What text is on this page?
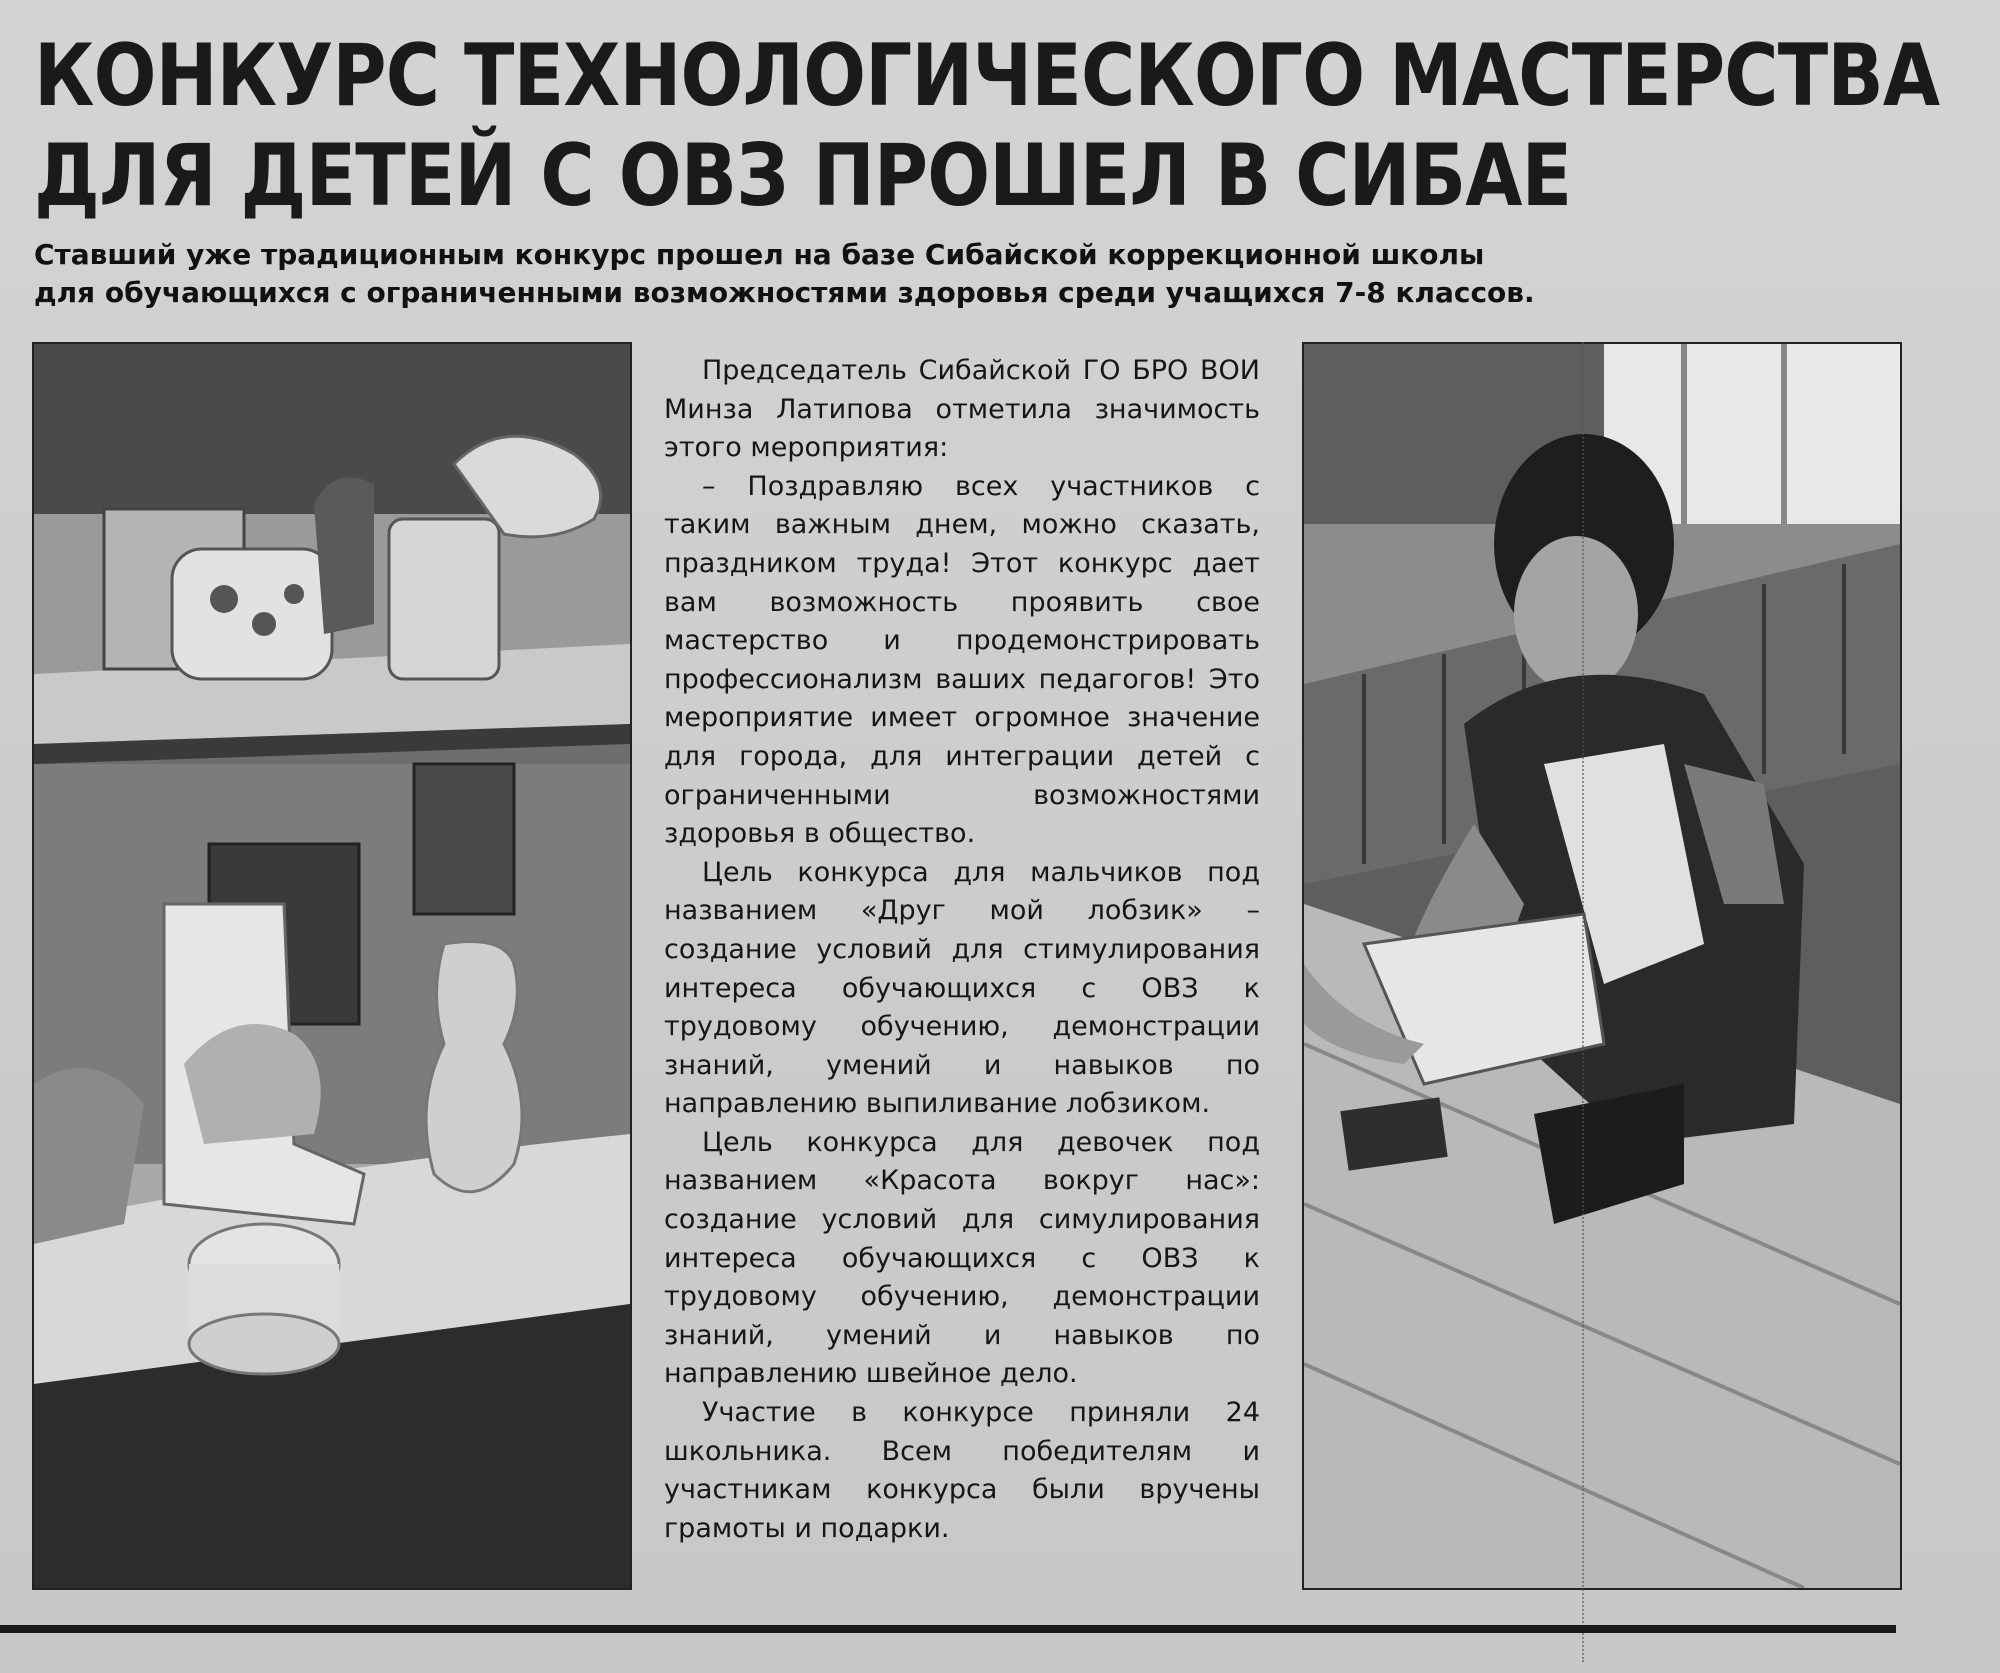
КОНКУРС ТЕХНОЛОГИЧЕСКОГО МАСТЕРСТВА
ДЛЯ ДЕТЕЙ С ОВЗ ПРОШЕЛ В СИБАЕ

Ставший уже традиционным конкурс прошел на базе Сибайской коррекционной школы
для обучающихся с ограниченными возможностями здоровья среди учащихся 7-8 классов.

Председатель Сибайской ГО БРО ВОИ Минза Латипова отметила значимость этого мероприятия:

– Поздравляю всех участников с таким важным днем, можно сказать, праздником труда! Этот конкурс дает вам возможность проявить свое мастерство и продемонстрировать профессионализм ваших педагогов! Это мероприятие имеет огромное значение для города, для интеграции детей с ограниченными возможностями здоровья в общество.

Цель конкурса для мальчиков под названием «Друг мой лобзик» – создание условий для стимулирования интереса обучающихся с ОВЗ к трудовому обучению, демонстрации знаний, умений и навыков по направлению выпиливание лобзиком.

Цель конкурса для девочек под названием «Красота вокруг нас»: создание условий для симулирования интереса обучающихся с ОВЗ к трудовому обучению, демонстрации знаний, умений и навыков по направлению швейное дело.

Участие в конкурсе приняли 24 школьника. Всем победителям и участникам конкурса были вручены грамоты и подарки.
